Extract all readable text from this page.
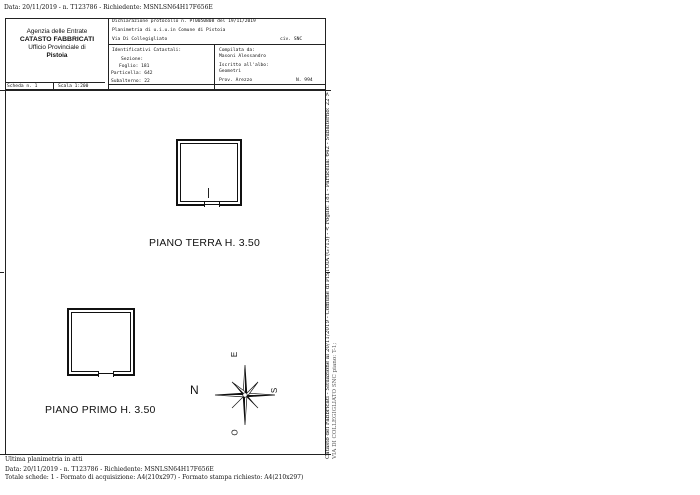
Data: 20/11/2019 - n. T123786 - Richiedente: MSNLSN64H17F656E
Agenzia delle Entrate
CATASTO FABBRICATI
Ufficio Provinciale di
Pistoia
Dichiarazione protocollo n. PT0050808 del 19/11/2019
Planimetria di u.i.u.in Comune di Pistoia
Via Di Collegigliato	civ. SNC
Identificativi Catastali:
Sezione:
Foglio: 181
Particella: 642
Subalterno: 22
Compilata da:
Masoni Alessandro
Iscritto all'albo:
Geometri
Prov. Arezzo	N. 994
Scheda n. 1	Scala 1:200
PIANO TERRA H. 3.50
PIANO PRIMO H. 3.50
N	S
E
O
Ultima planimetria in atti
Data: 20/11/2019 - n. T123786 - Richiedente: MSNLSN64H17F656E
Totale schede: 1 - Formato di acquisizione: A4(210x297) - Formato stampa richiesto: A4(210x297)
Catasto dei Fabbricati - Situazione al 20/11/2019 - Comune di PISTOIA (G713) - < Foglio: 181 - Particella: 642 - Subalterno: 22 > VIA DI COLLEGIGLIATO SNC piano: T-1;
